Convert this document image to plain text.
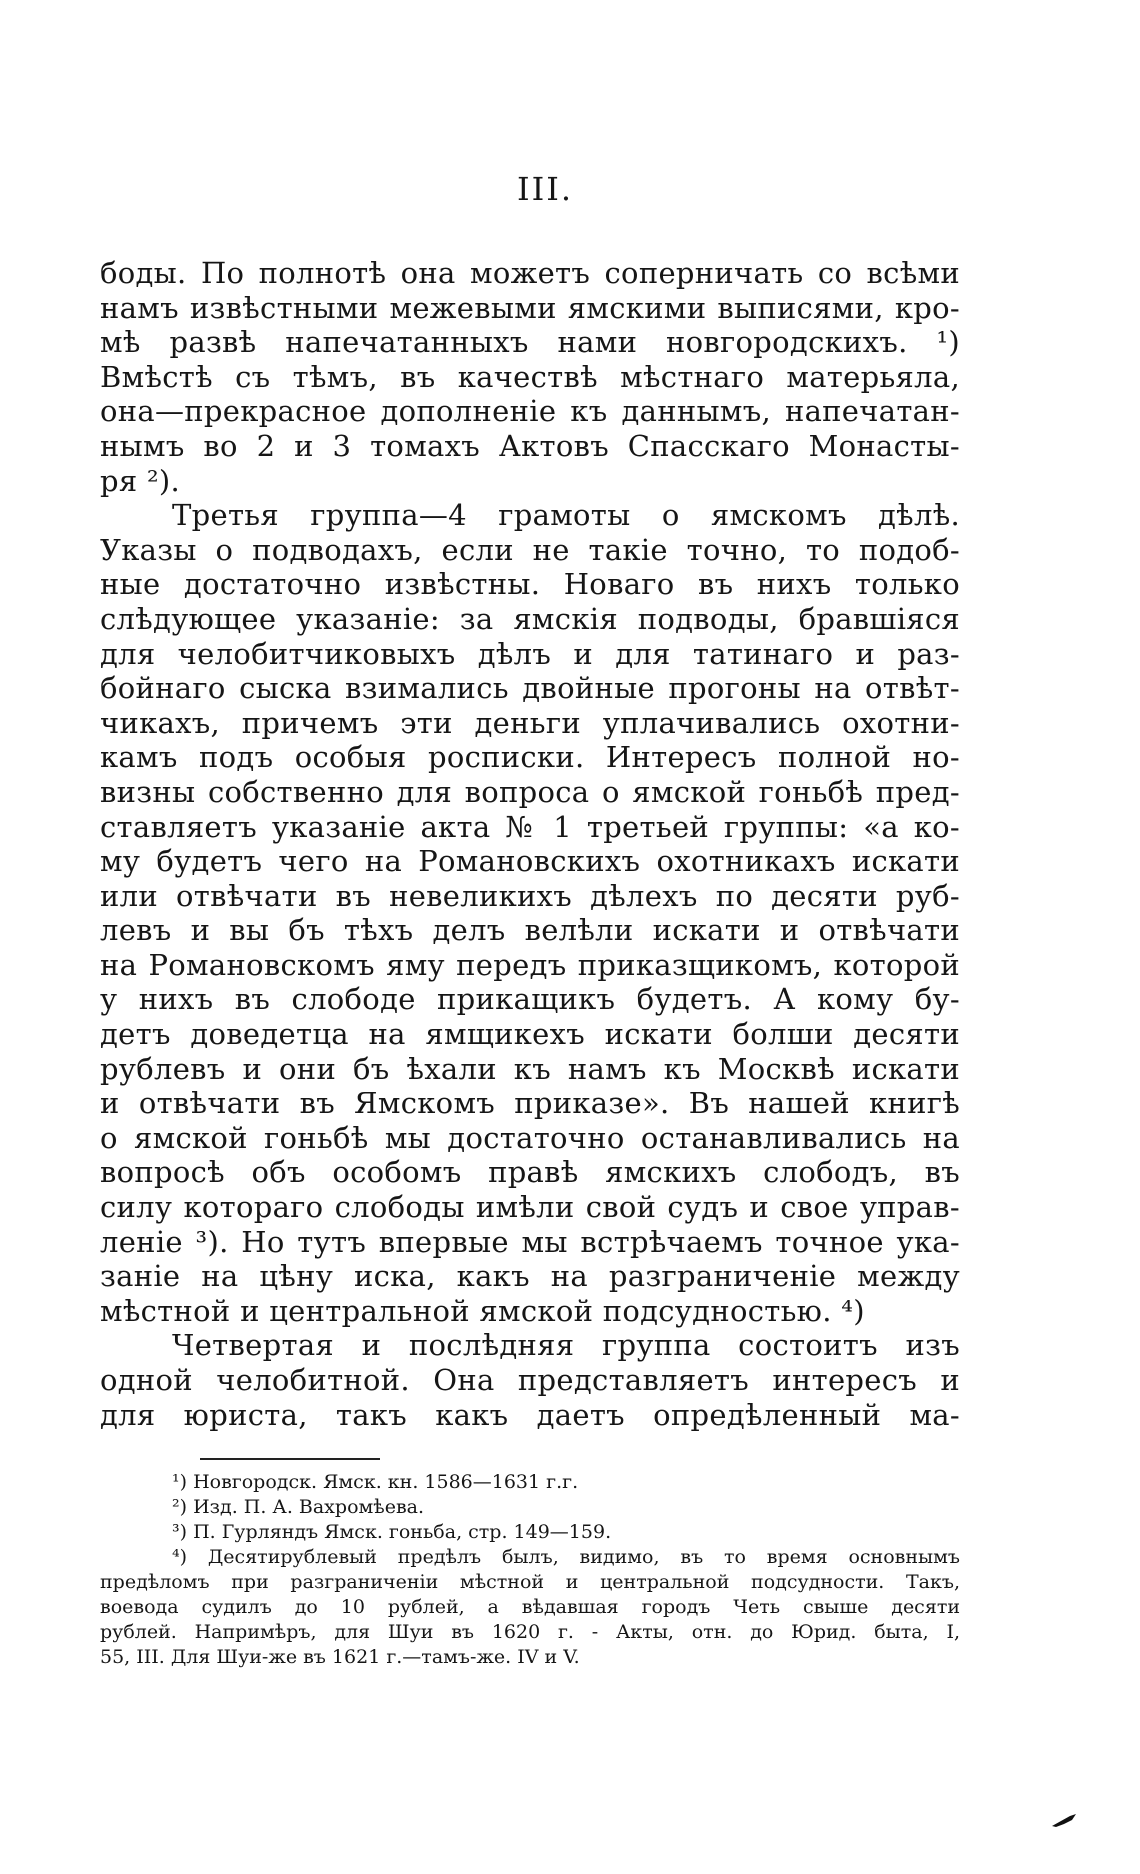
III.
боды. По полнотѣ она можетъ соперничать со всѣми
намъ извѣстными межевыми ямскими выписями, кро-
мѣ развѣ напечатанныхъ нами новгородскихъ. ¹)
Вмѣстѣ съ тѣмъ, въ качествѣ мѣстнаго матерьяла,
она—прекрасное дополненіе къ даннымъ, напечатан-
нымъ во 2 и 3 томахъ Актовъ Спасскаго Монасты-
ря ²).
Третья группа—4 грамоты о ямскомъ дѣлѣ.
Указы о подводахъ, если не такіе точно, то подоб-
ные достаточно извѣстны. Новаго въ нихъ только
слѣдующее указаніе: за ямскія подводы, бравшіяся
для челобитчиковыхъ дѣлъ и для татинаго и раз-
бойнаго сыска взимались двойные прогоны на отвѣт-
чикахъ, причемъ эти деньги уплачивались охотни-
камъ подъ особыя росписки. Интересъ полной но-
визны собственно для вопроса о ямской гоньбѣ пред-
ставляетъ указаніе акта № 1 третьей группы: «а ко-
му будетъ чего на Романовскихъ охотникахъ искати
или отвѣчати въ невеликихъ дѣлехъ по десяти руб-
левъ и вы бъ тѣхъ делъ велѣли искати и отвѣчати
на Романовскомъ яму передъ приказщикомъ, которой
у нихъ въ слободе прикащикъ будетъ. А кому бу-
детъ доведетца на ямщикехъ искати болши десяти
рублевъ и они бъ ѣхали къ намъ къ Москвѣ искати
и отвѣчати въ Ямскомъ приказе». Въ нашей книгѣ
о ямской гоньбѣ мы достаточно останавливались на
вопросѣ объ особомъ правѣ ямскихъ слободъ, въ
силу котораго слободы имѣли свой судъ и свое управ-
леніе ³). Но тутъ впервые мы встрѣчаемъ точное ука-
заніе на цѣну иска, какъ на разграниченіе между
мѣстной и центральной ямской подсудностью. ⁴)
Четвертая и послѣдняя группа состоитъ изъ
одной челобитной. Она представляетъ интересъ и
для юриста, такъ какъ даетъ опредѣленный ма-
¹) Новгородск. Ямск. кн. 1586—1631 г.г.
²) Изд. П. А. Вахромѣева.
³) П. Гурляндъ Ямск. гоньба, стр. 149—159.
⁴) Десятирублевый предѣлъ былъ, видимо, въ то время основнымъ
предѣломъ при разграниченіи мѣстной и центральной подсудности. Такъ,
воевода судилъ до 10 рублей, а вѣдавшая городъ Четь свыше десяти
рублей. Напримѣръ, для Шуи въ 1620 г. - Акты, отн. до Юрид. быта, I,
55, III. Для Шуи-же въ 1621 г.—тамъ-же. IV и V.
